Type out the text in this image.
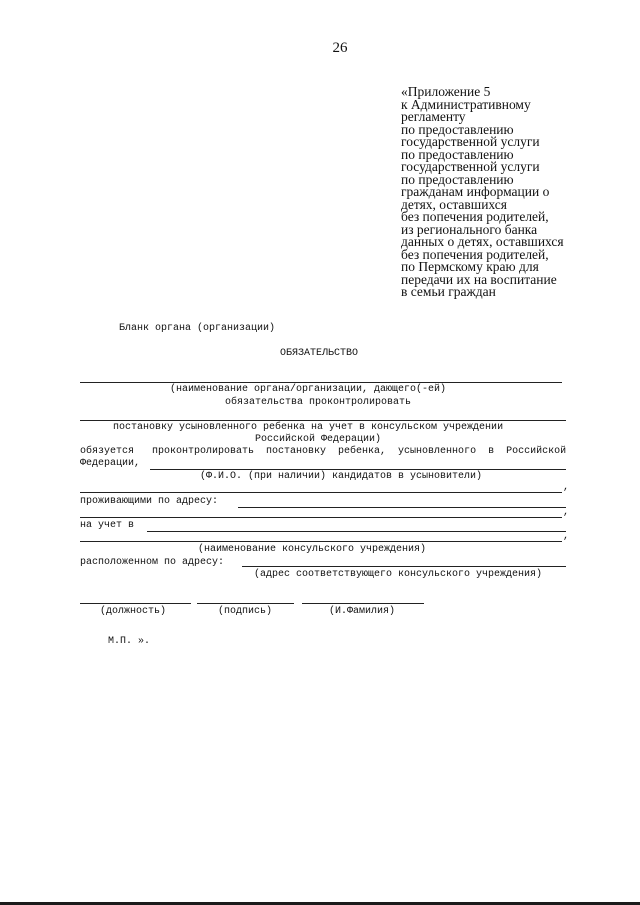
26
«Приложение 5
к Административному
регламенту
по предоставлению
государственной услуги
по предоставлению
государственной услуги
по предоставлению
гражданам информации о
детях, оставшихся
без попечения родителей,
из регионального банка
данных о детях, оставшихся
без попечения родителей,
по Пермскому краю для
передачи их на воспитание
в семьи граждан
Бланк органа (организации)
ОБЯЗАТЕЛЬСТВО
(наименование органа/организации, дающего(-ей)
обязательства проконтролировать
постановку усыновленного ребенка на учет в консульском учреждении
Российской Федерации)
обязуется   проконтролировать  постановку  ребенка,  усыновленного  в  Российской
Федерации,
(Ф.И.О. (при наличии) кандидатов в усыновители)
,
проживающими по адресу:
,
на учет в
,
(наименование консульского учреждения)
расположенном по адресу:
(адрес соответствующего консульского учреждения)
(должность)	(подпись)	(И.Фамилия)
М.П. ».
